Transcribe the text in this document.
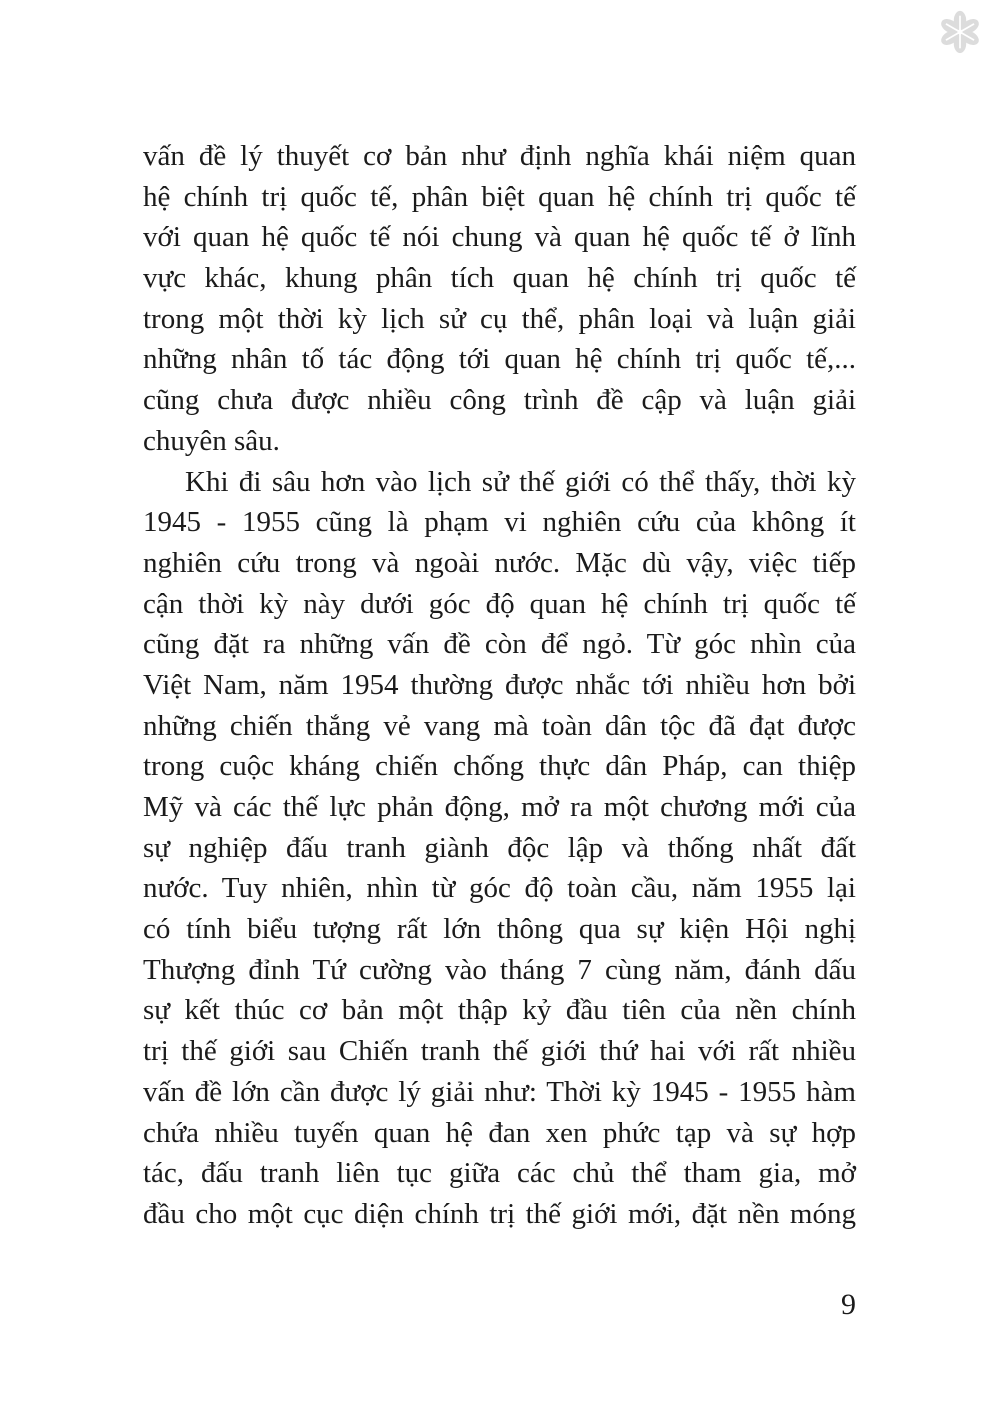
vấn đề lý thuyết cơ bản như định nghĩa khái niệm quan
hệ chính trị quốc tế, phân biệt quan hệ chính trị quốc tế
với quan hệ quốc tế nói chung và quan hệ quốc tế ở lĩnh
vực khác, khung phân tích quan hệ chính trị quốc tế
trong một thời kỳ lịch sử cụ thể, phân loại và luận giải
những nhân tố tác động tới quan hệ chính trị quốc tế,...
cũng chưa được nhiều công trình đề cập và luận giải
chuyên sâu.
Khi đi sâu hơn vào lịch sử thế giới có thể thấy, thời kỳ
1945 - 1955 cũng là phạm vi nghiên cứu của không ít
nghiên cứu trong và ngoài nước. Mặc dù vậy, việc tiếp
cận thời kỳ này dưới góc độ quan hệ chính trị quốc tế
cũng đặt ra những vấn đề còn để ngỏ. Từ góc nhìn của
Việt Nam, năm 1954 thường được nhắc tới nhiều hơn bởi
những chiến thắng vẻ vang mà toàn dân tộc đã đạt được
trong cuộc kháng chiến chống thực dân Pháp, can thiệp
Mỹ và các thế lực phản động, mở ra một chương mới của
sự nghiệp đấu tranh giành độc lập và thống nhất đất
nước. Tuy nhiên, nhìn từ góc độ toàn cầu, năm 1955 lại
có tính biểu tượng rất lớn thông qua sự kiện Hội nghị
Thượng đỉnh Tứ cường vào tháng 7 cùng năm, đánh dấu
sự kết thúc cơ bản một thập kỷ đầu tiên của nền chính
trị thế giới sau Chiến tranh thế giới thứ hai với rất nhiều
vấn đề lớn cần được lý giải như: Thời kỳ 1945 - 1955 hàm
chứa nhiều tuyến quan hệ đan xen phức tạp và sự hợp
tác, đấu tranh liên tục giữa các chủ thể tham gia, mở
đầu cho một cục diện chính trị thế giới mới, đặt nền móng
9
